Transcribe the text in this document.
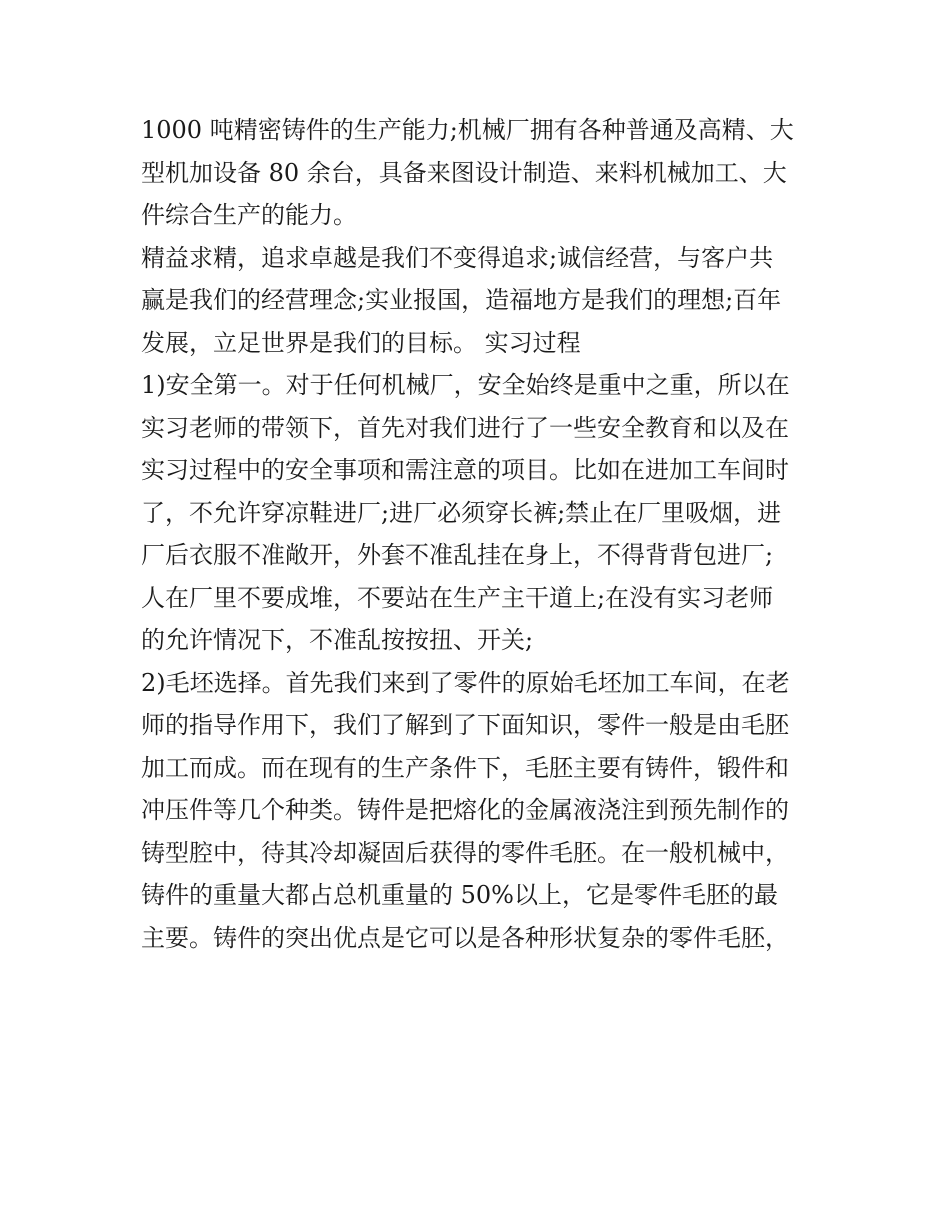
1000 吨精密铸件的生产能力;机械厂拥有各种普通及高精、大
型机加设备 80 余台，具备来图设计制造、来料机械加工、大
件综合生产的能力。
精益求精，追求卓越是我们不变得追求;诚信经营，与客户共
赢是我们的经营理念;实业报国，造福地方是我们的理想;百年
发展，立足世界是我们的目标。 实习过程
1)安全第一。对于任何机械厂，安全始终是重中之重，所以在
实习老师的带领下，首先对我们进行了一些安全教育和以及在
实习过程中的安全事项和需注意的项目。比如在进加工车间时
了，不允许穿凉鞋进厂;进厂必须穿长裤;禁止在厂里吸烟，进
厂后衣服不准敞开，外套不准乱挂在身上，不得背背包进厂;
人在厂里不要成堆，不要站在生产主干道上;在没有实习老师
的允许情况下，不准乱按按扭、开关;
2)毛坯选择。首先我们来到了零件的原始毛坯加工车间，在老
师的指导作用下，我们了解到了下面知识，零件一般是由毛胚
加工而成。而在现有的生产条件下，毛胚主要有铸件，锻件和
冲压件等几个种类。铸件是把熔化的金属液浇注到预先制作的
铸型腔中，待其冷却凝固后获得的零件毛胚。在一般机械中，
铸件的重量大都占总机重量的 50%以上，它是零件毛胚的最
主要。铸件的突出优点是它可以是各种形状复杂的零件毛胚，
